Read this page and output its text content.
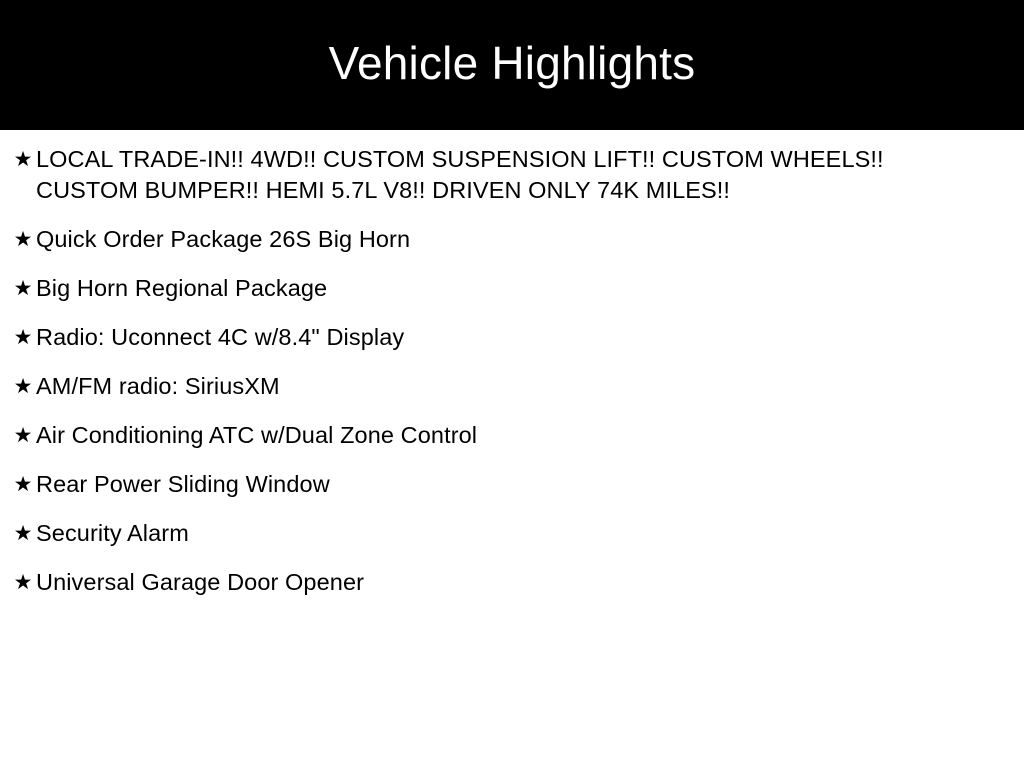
Vehicle Highlights
★ LOCAL TRADE-IN!! 4WD!! CUSTOM SUSPENSION LIFT!! CUSTOM WHEELS!! CUSTOM BUMPER!! HEMI 5.7L V8!! DRIVEN ONLY 74K MILES!!
★ Quick Order Package 26S Big Horn
★ Big Horn Regional Package
★ Radio: Uconnect 4C w/8.4" Display
★ AM/FM radio: SiriusXM
★ Air Conditioning ATC w/Dual Zone Control
★ Rear Power Sliding Window
★ Security Alarm
★ Universal Garage Door Opener
